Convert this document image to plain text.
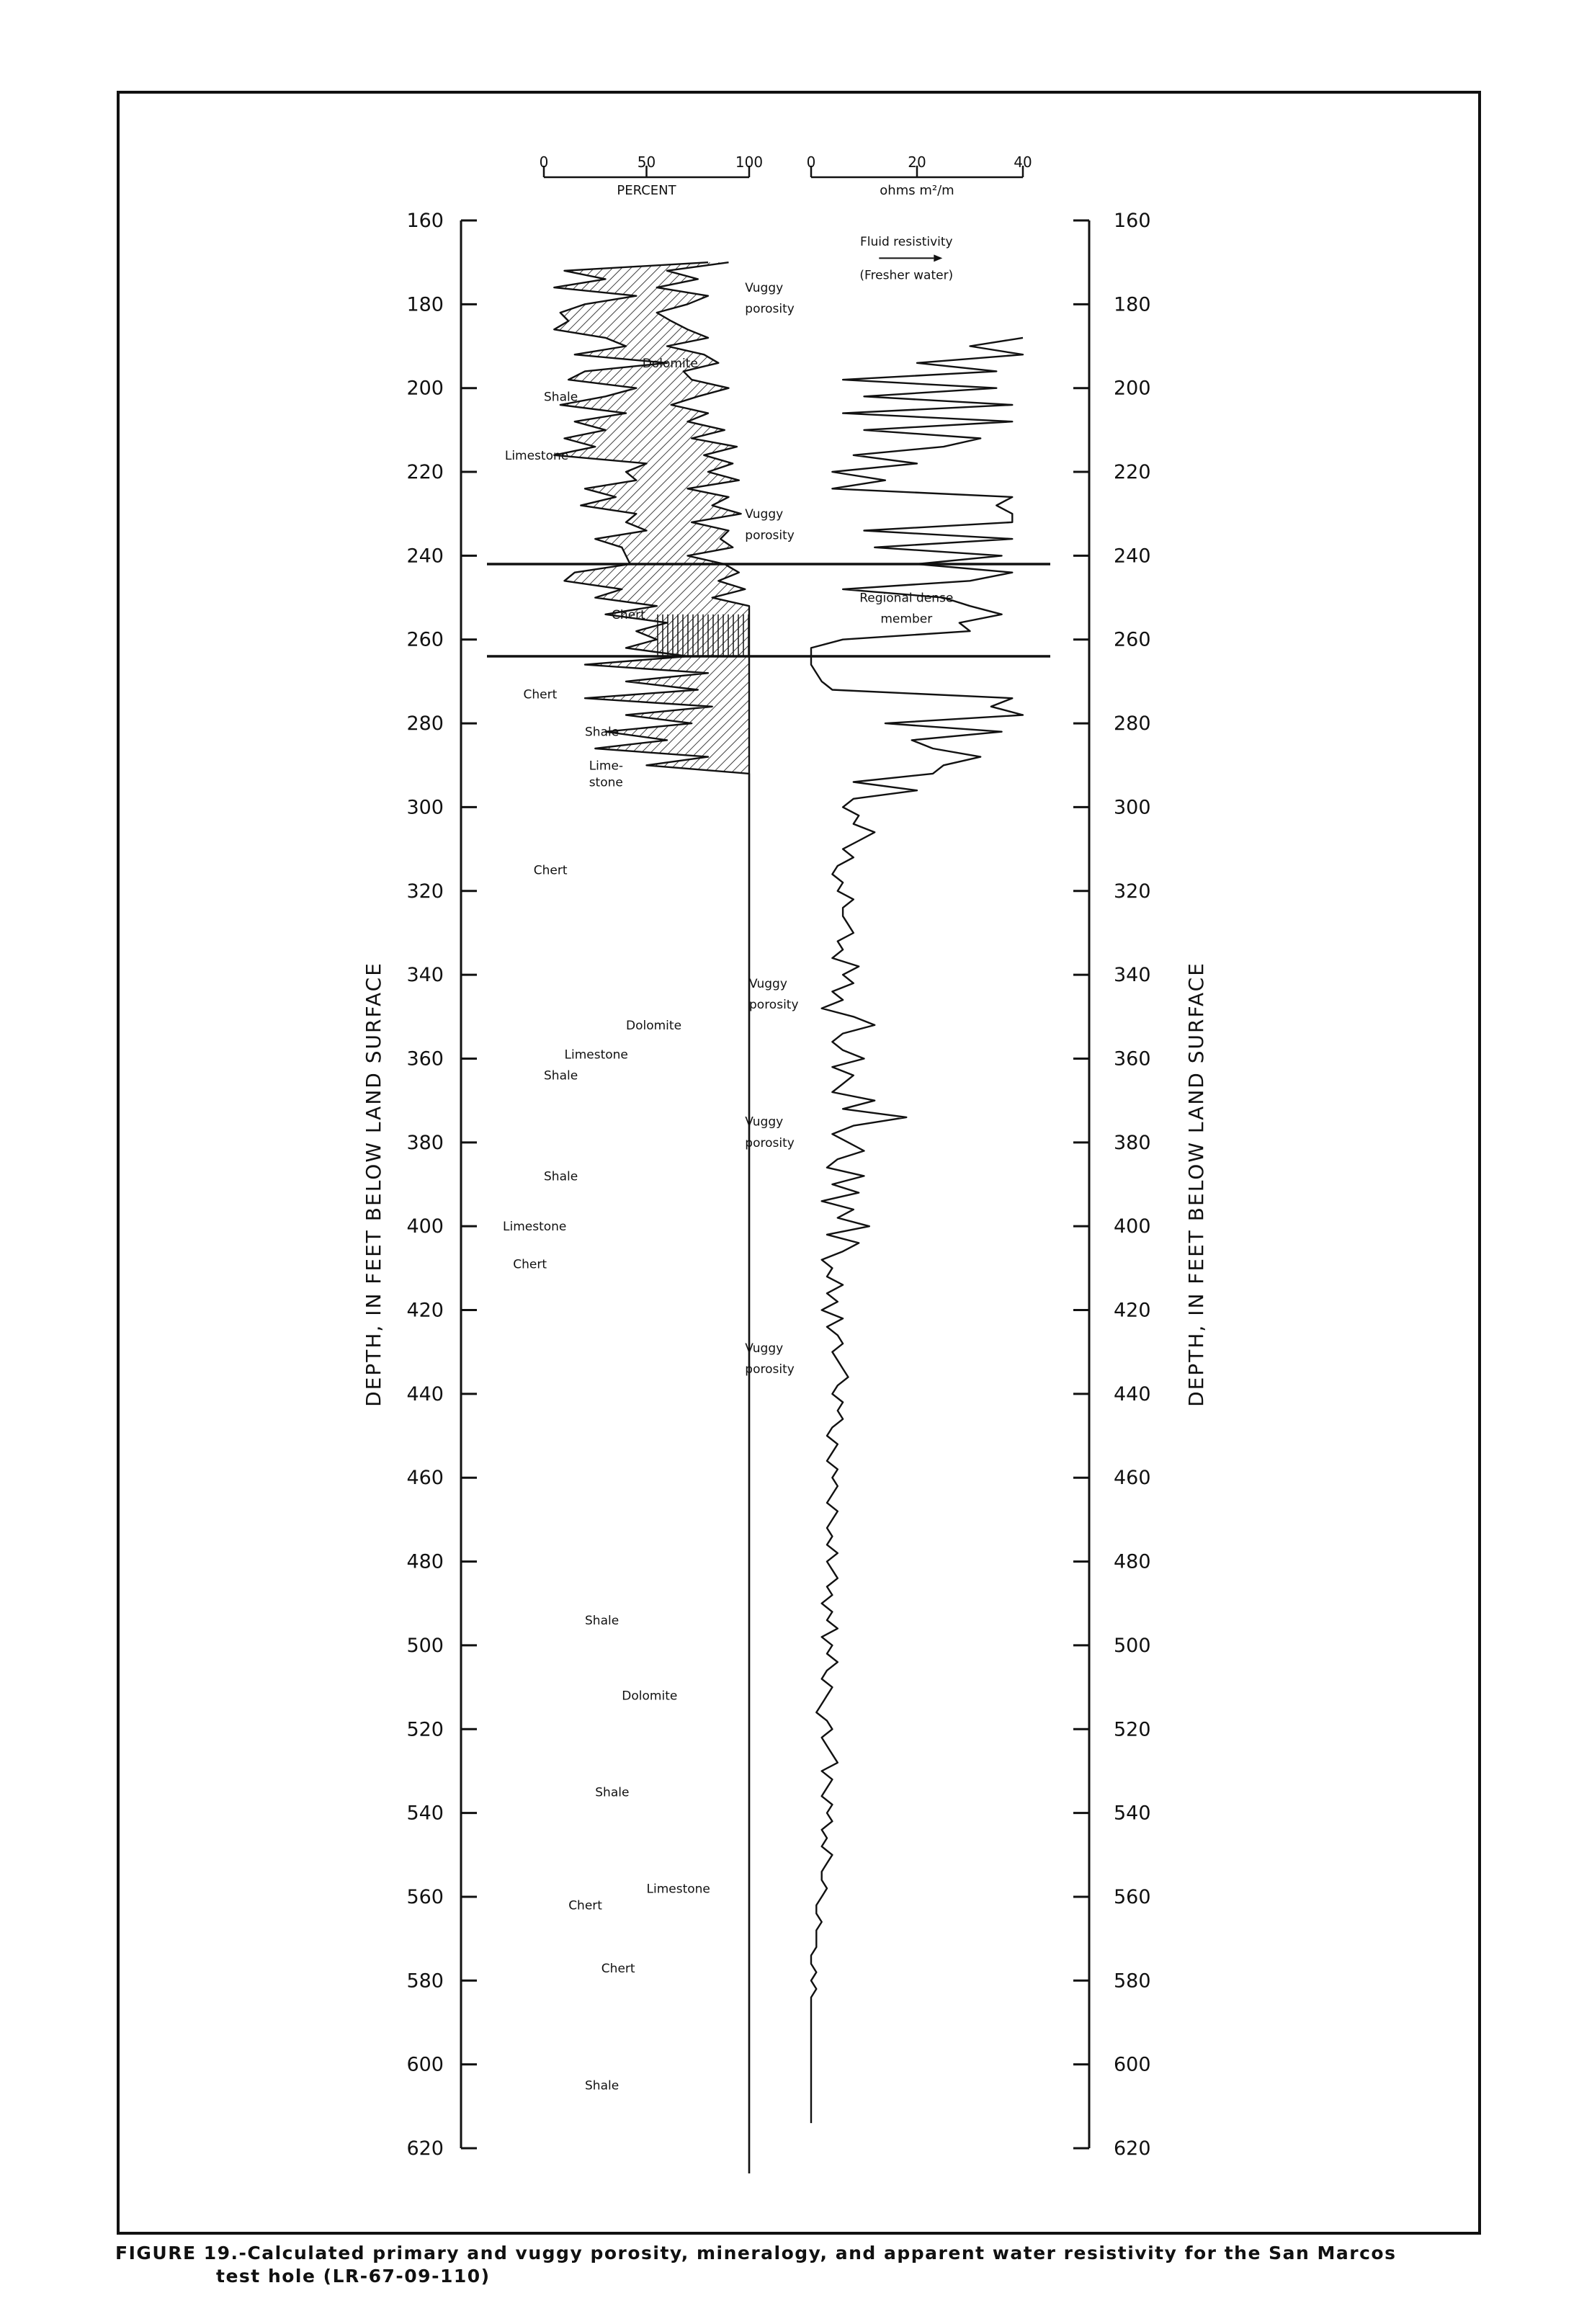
160	160
180	180
200	200
220	220
240	240
260	260
280	280
300	300
320	320
340	340
360	360
380	380
400	400
420	420
440	440
460	460
480	480
500	500
520	520
540	540
560	560
580	580
600	600
620	620
DEPTH, IN FEET BELOW LAND SURFACE	DEPTH, IN FEET BELOW LAND SURFACE
0	50	100
PERCENT
0	20	40
ohms m²/m
Fluid resistivity
(Fresher water)
Regional dense
member
Vuggy
porosity
Dolomite
Shale
Limestone
Vuggy
porosity
Chert
Chert
Shale
Lime-
stone
Chert
Vuggy
porosity
Dolomite
Limestone
Shale
Vuggy
porosity
Shale
Limestone
Chert
Vuggy
porosity
Shale
Dolomite
Shale
Limestone
Chert
Chert
Shale
FIGURE 19.-Calculated primary and vuggy porosity, mineralogy, and apparent water resistivity for the San Marcos
test hole (LR-67-09-110)
